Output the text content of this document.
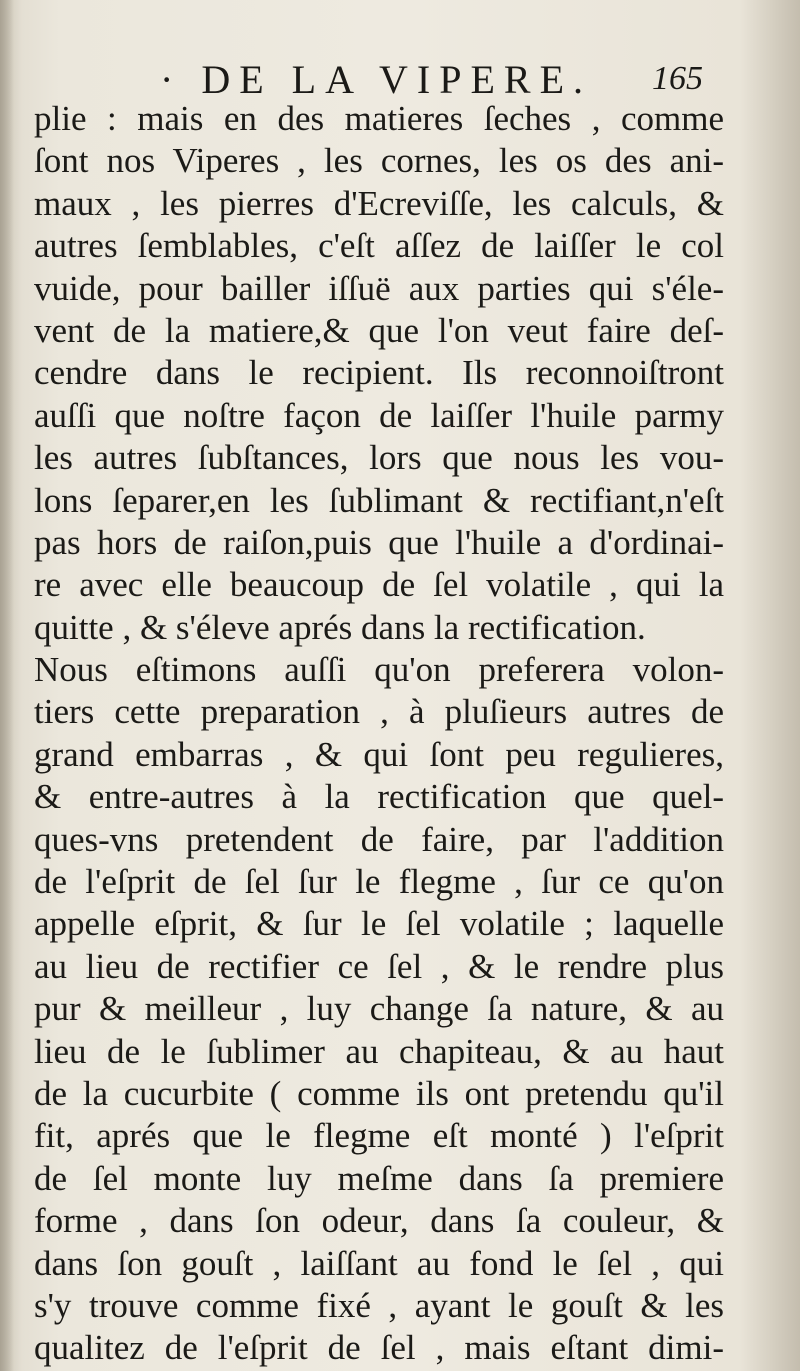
· DE LA VIPERE. 165
plie : mais en des matieres ſeches , comme
ſont nos Viperes , les cornes, les os des ani-
maux , les pierres d'Ecreviſſe, les calculs, &
autres ſemblables, c'eſt aſſez de laiſſer le col
vuide, pour bailler iſſuë aux parties qui s'éle-
vent de la matiere,& que l'on veut faire deſ-
cendre dans le recipient. Ils reconnoiſtront
auſſi que noſtre façon de laiſſer l'huile parmy
les autres ſubſtances, lors que nous les vou-
lons ſeparer,en les ſublimant & rectifiant,n'eſt
pas hors de raiſon,puis que l'huile a d'ordinai-
re avec elle beaucoup de ſel volatile , qui la
quitte , & s'éleve aprés dans la rectification.
Nous eſtimons auſſi qu'on preferera volon-
tiers cette preparation , à pluſieurs autres de
grand embarras , & qui ſont peu regulieres,
& entre-autres à la rectification que quel-
ques-vns pretendent de faire, par l'addition
de l'eſprit de ſel ſur le flegme , ſur ce qu'on
appelle eſprit, & ſur le ſel volatile ; laquelle
au lieu de rectifier ce ſel , & le rendre plus
pur & meilleur , luy change ſa nature, & au
lieu de le ſublimer au chapiteau, & au haut
de la cucurbite ( comme ils ont pretendu qu'il
fit, aprés que le flegme eſt monté ) l'eſprit
de ſel monte luy meſme dans ſa premiere
forme , dans ſon odeur, dans ſa couleur, &
dans ſon gouſt , laiſſant au fond le ſel , qui
s'y trouve comme fixé , ayant le gouſt & les
qualitez de l'eſprit de ſel , mais eſtant dimi-
